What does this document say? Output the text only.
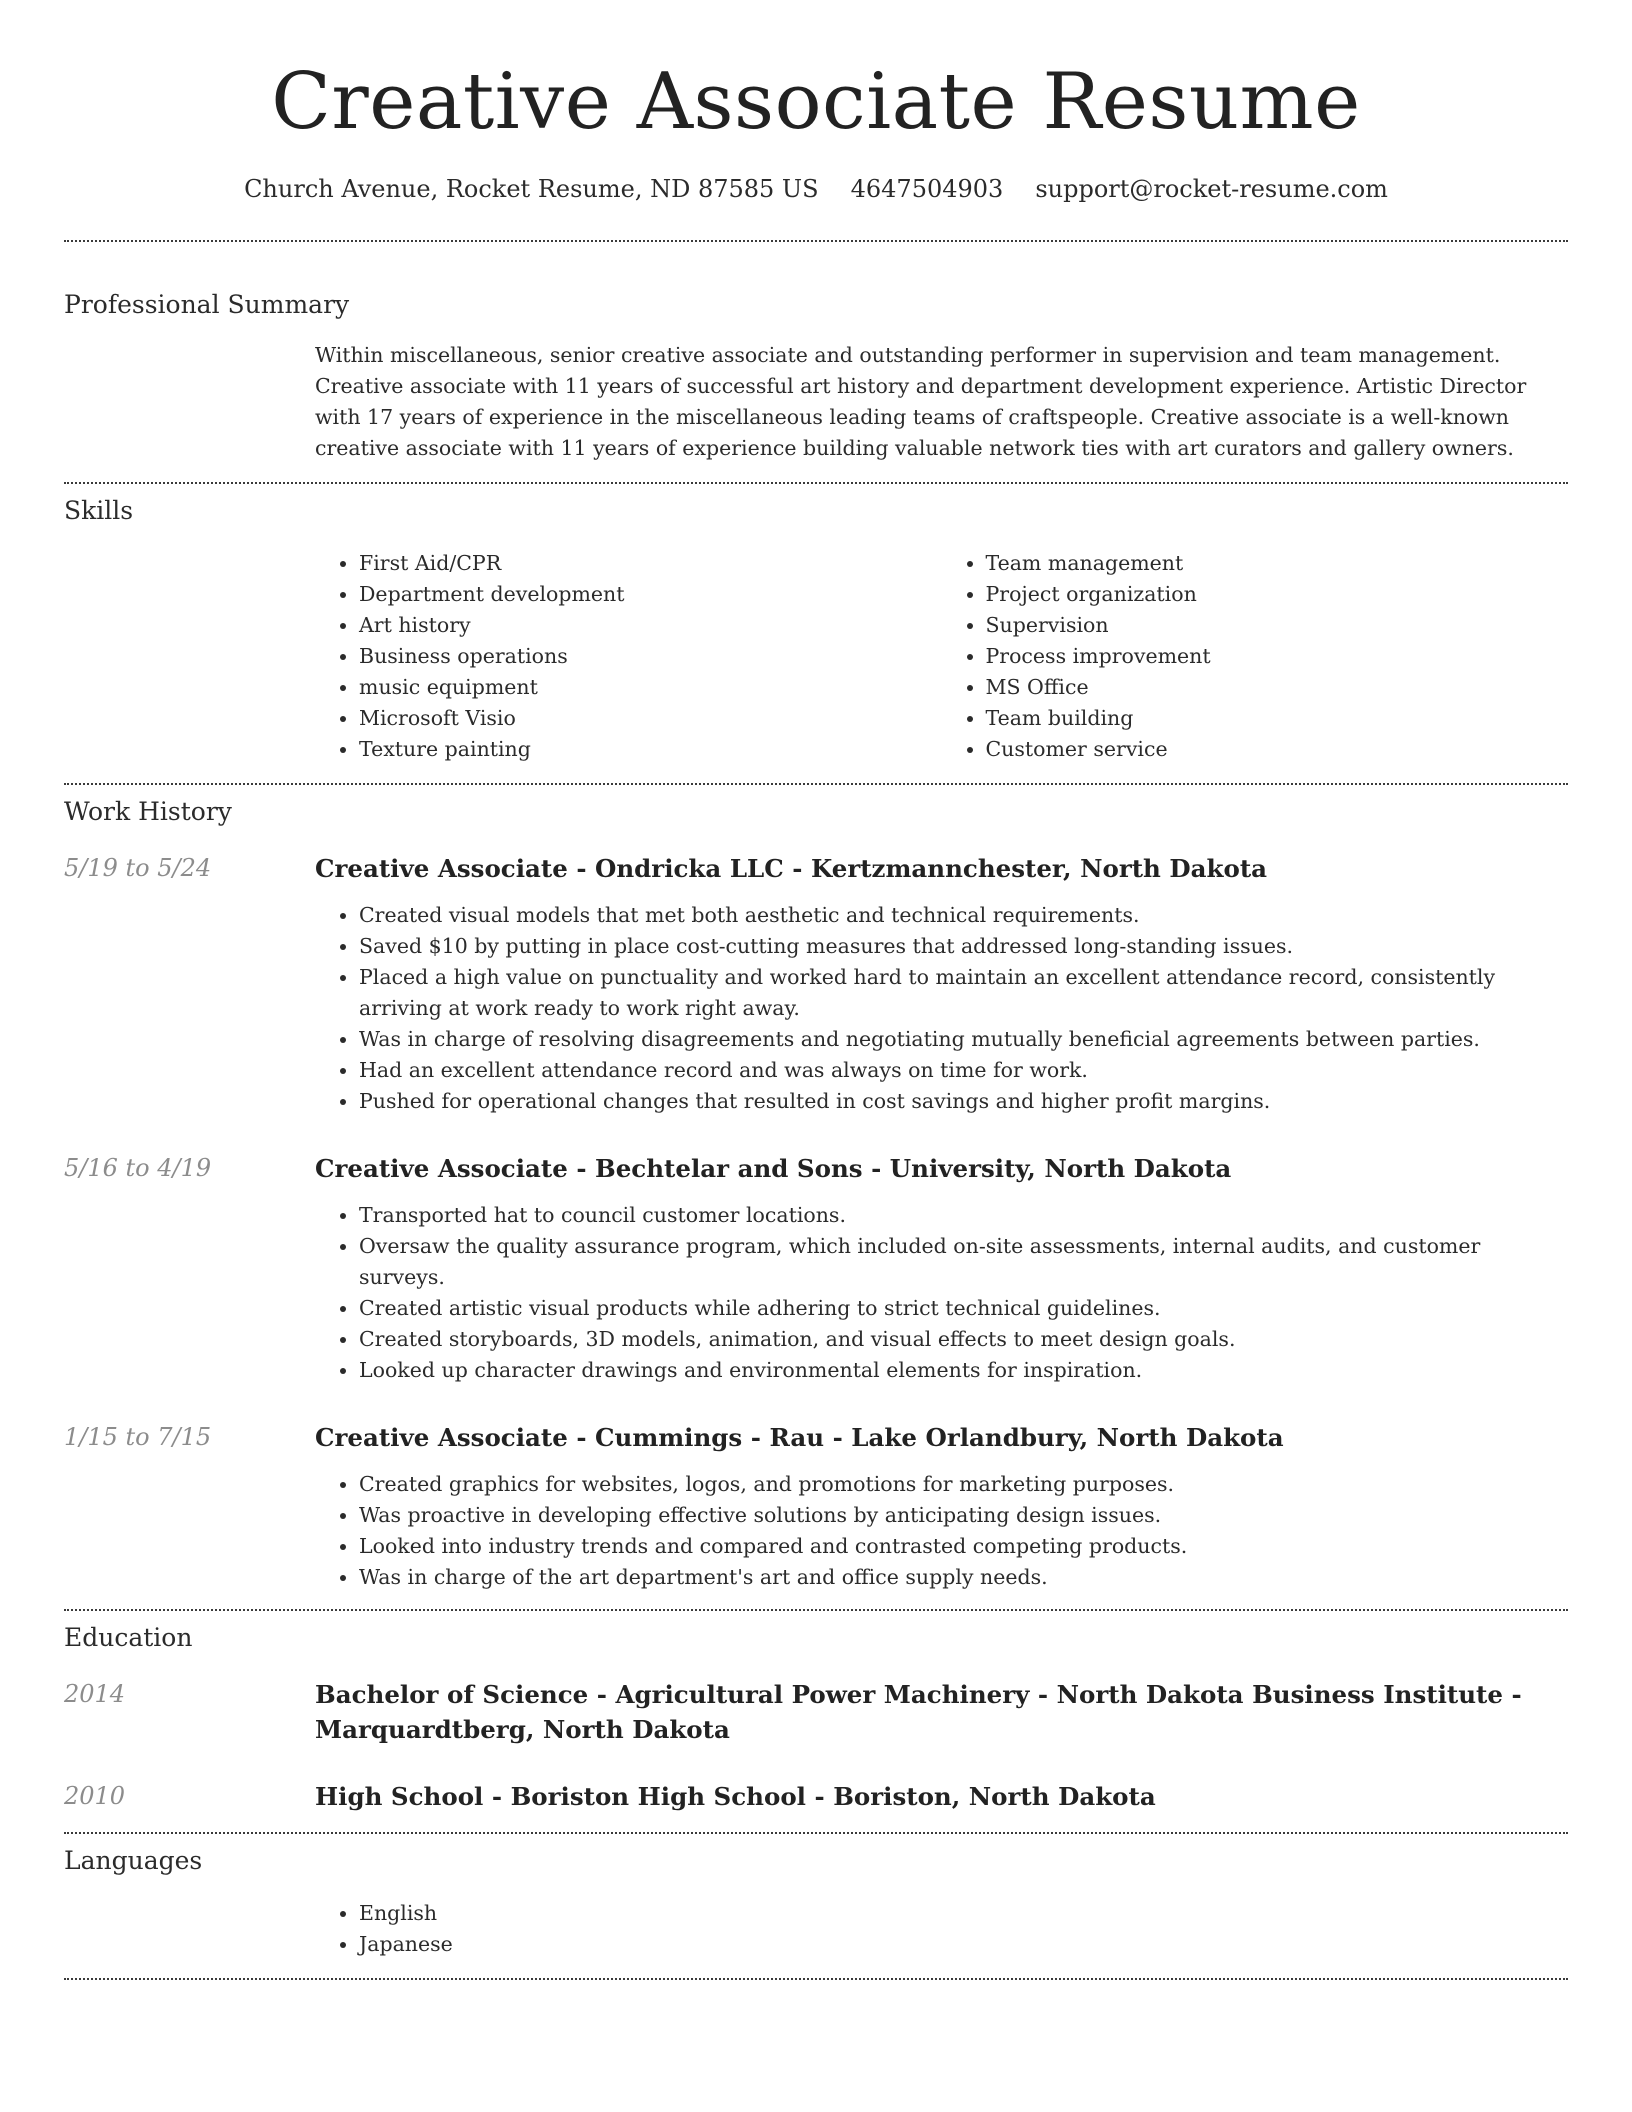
Creative Associate Resume
Church Avenue, Rocket Resume, ND 87585 US 4647504903 support@rocket-resume.com
Professional Summary

Within miscellaneous, senior creative associate and outstanding performer in supervision and team management. Creative associate with 11 years of successful art history and department development experience. Artistic Director with 17 years of experience in the miscellaneous leading teams of craftspeople. Creative associate is a well-known creative associate with 11 years of experience building valuable network ties with art curators and gallery owners.

Skills
• First Aid/CPR
• Department development
• Art history
• Business operations
• music equipment
• Microsoft Visio
• Texture painting
• Team management
• Project organization
• Supervision
• Process improvement
• MS Office
• Team building
• Customer service
Work History
5/19 to 5/24	Creative Associate - Ondricka LLC - Kertzmannchester, North Dakota
• Created visual models that met both aesthetic and technical requirements.
• Saved $10 by putting in place cost-cutting measures that addressed long-standing issues.
• Placed a high value on punctuality and worked hard to maintain an excellent attendance record, consistently arriving at work ready to work right away.
• Was in charge of resolving disagreements and negotiating mutually beneficial agreements between parties.
• Had an excellent attendance record and was always on time for work.
• Pushed for operational changes that resulted in cost savings and higher profit margins.
5/16 to 4/19	Creative Associate - Bechtelar and Sons - University, North Dakota
• Transported hat to council customer locations.
• Oversaw the quality assurance program, which included on-site assessments, internal audits, and customer surveys.
• Created artistic visual products while adhering to strict technical guidelines.
• Created storyboards, 3D models, animation, and visual effects to meet design goals.
• Looked up character drawings and environmental elements for inspiration.
1/15 to 7/15	Creative Associate - Cummings - Rau - Lake Orlandbury, North Dakota
• Created graphics for websites, logos, and promotions for marketing purposes.
• Was proactive in developing effective solutions by anticipating design issues.
• Looked into industry trends and compared and contrasted competing products.
• Was in charge of the art department's art and office supply needs.
Education
2014	Bachelor of Science - Agricultural Power Machinery - North Dakota Business Institute - Marquardtberg, North Dakota
2010	High School - Boriston High School - Boriston, North Dakota
Languages
• English
• Japanese
